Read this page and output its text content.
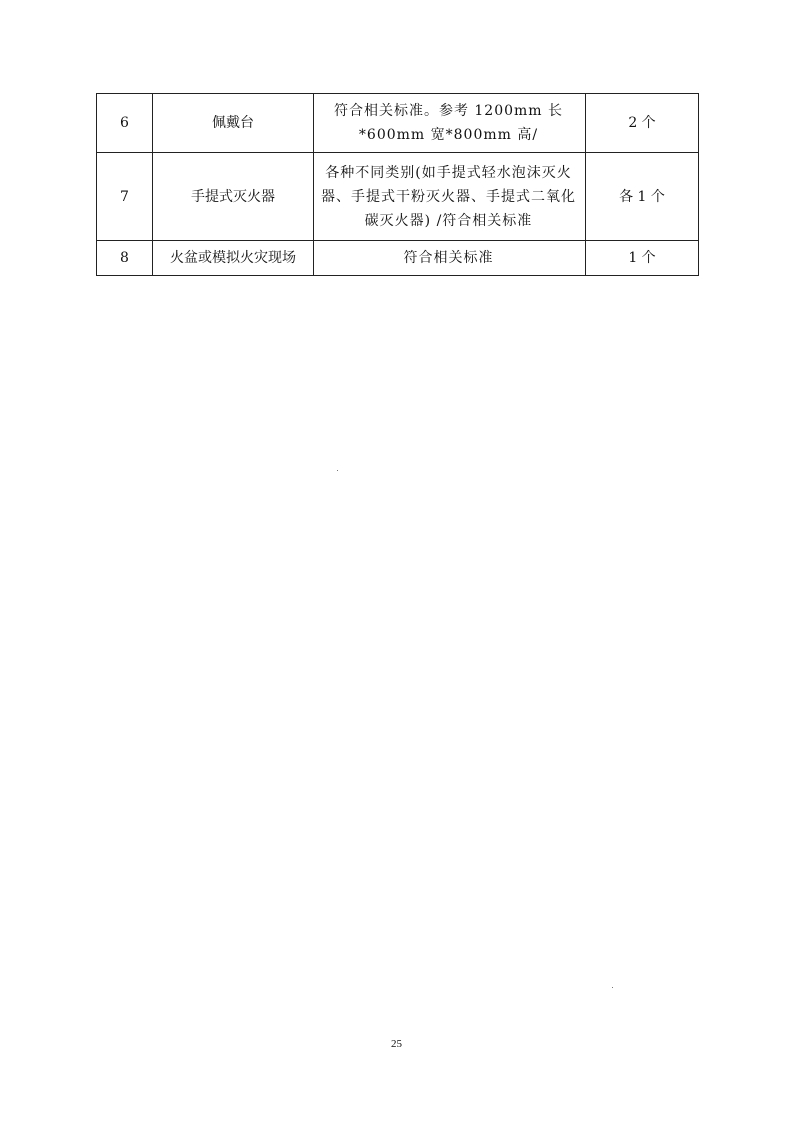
6	佩戴台	符合相关标准。参考 1200mm 长*600mm 宽*800mm 高/	2 个
7	手提式灭火器	各种不同类别(如手提式轻水泡沫灭火器、手提式干粉灭火器、手提式二氧化碳灭火器) /符合相关标准	各 1 个
8	火盆或模拟火灾现场	符合相关标准	1 个
25
